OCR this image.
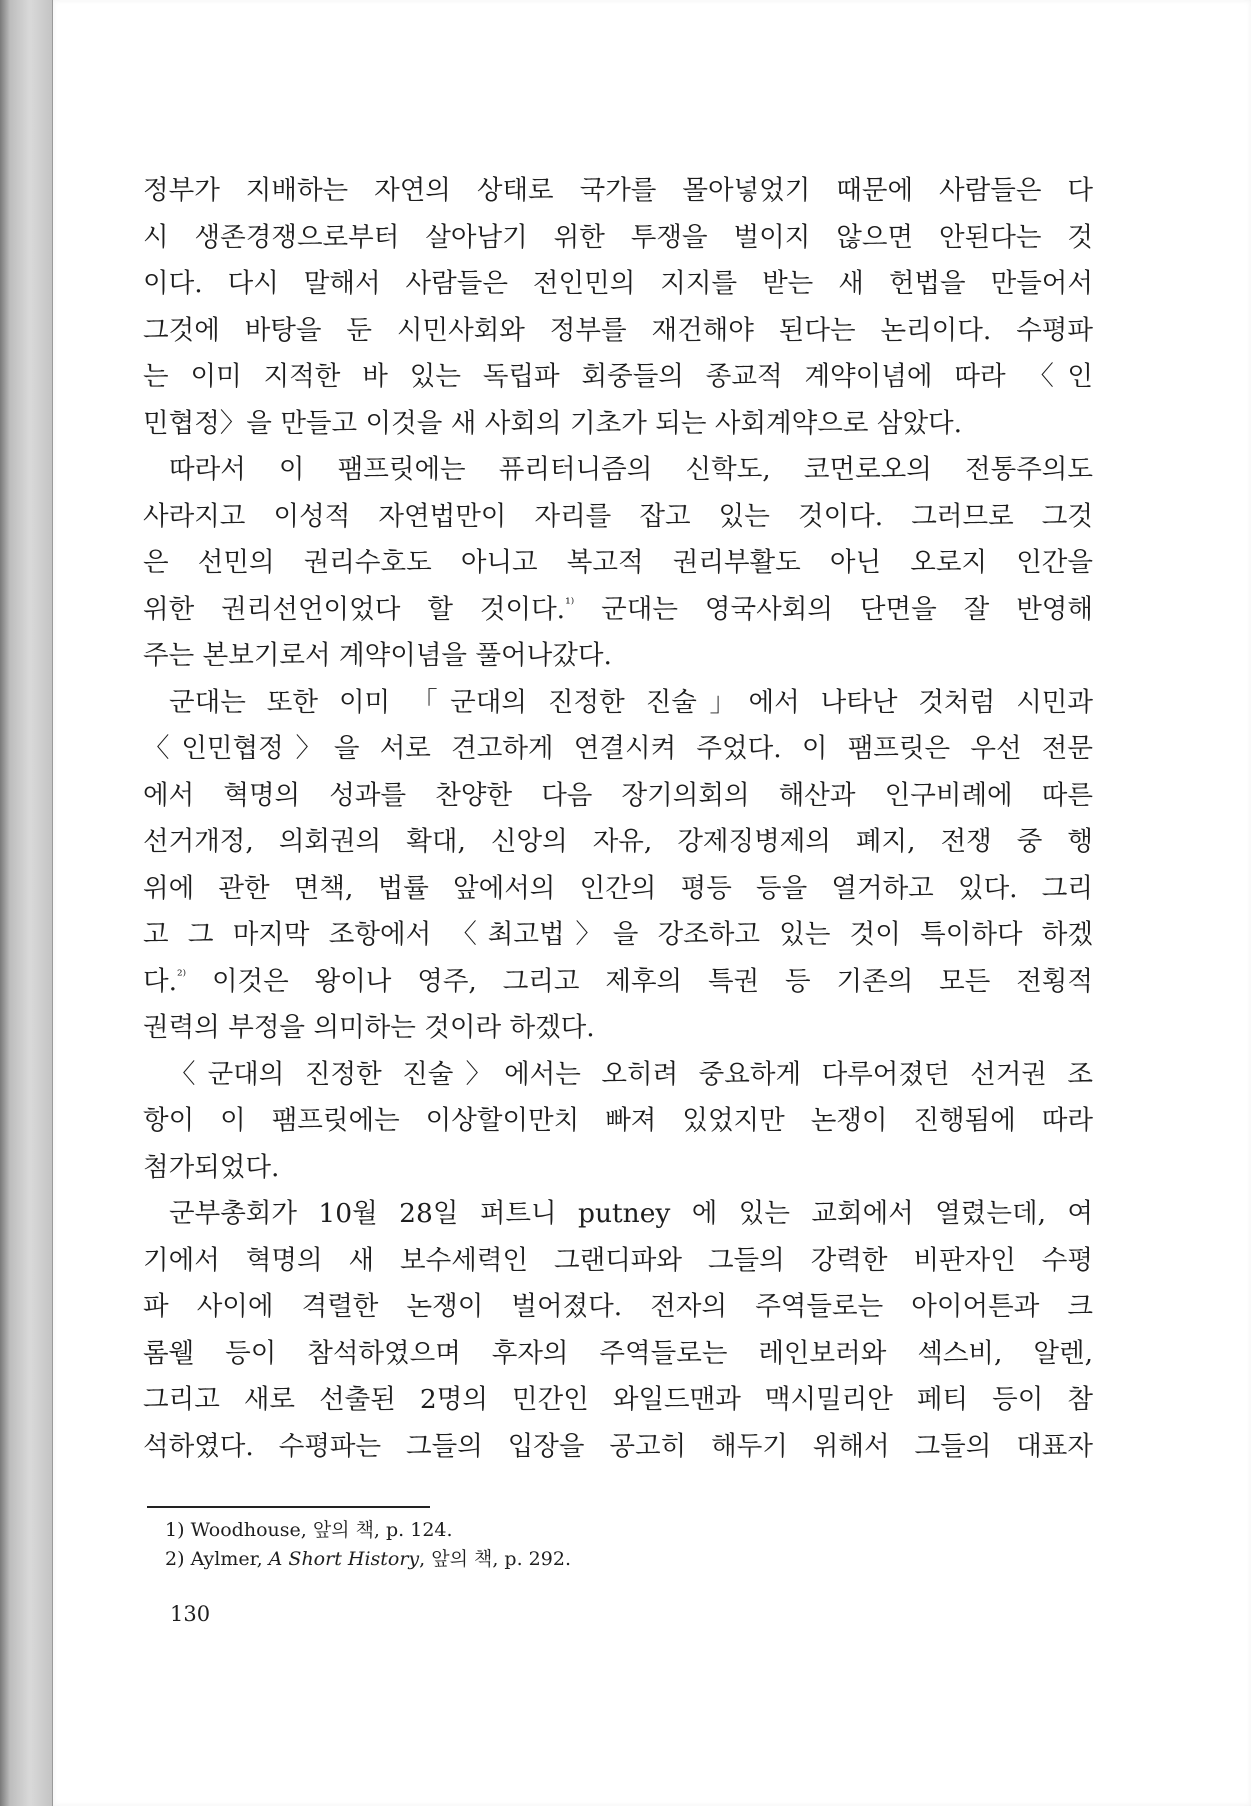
정부가 지배하는 자연의 상태로 국가를 몰아넣었기 때문에 사람들은 다

시 생존경쟁으로부터 살아남기 위한 투쟁을 벌이지 않으면 안된다는 것

이다. 다시 말해서 사람들은 전인민의 지지를 받는 새 헌법을 만들어서

그것에 바탕을 둔 시민사회와 정부를 재건해야 된다는 논리이다. 수평파

는 이미 지적한 바 있는 독립파 회중들의 종교적 계약이념에 따라 〈인

민협정〉을 만들고 이것을 새 사회의 기초가 되는 사회계약으로 삼았다.

따라서 이 팸프릿에는 퓨리터니즘의 신학도, 코먼로오의 전통주의도

사라지고 이성적 자연법만이 자리를 잡고 있는 것이다. 그러므로 그것

은 선민의 권리수호도 아니고 복고적 권리부활도 아닌 오로지 인간을

위한 권리선언이었다 할 것이다.$^{^{1)}}$ 군대는 영국사회의 단면을 잘 반영해

주는 본보기로서 계약이념을 풀어나갔다.

군대는 또한 이미 「군대의 진정한 진술」에서 나타난 것처럼 시민과

〈인민협정〉을 서로 견고하게 연결시켜 주었다. 이 팸프릿은 우선 전문

에서 혁명의 성과를 찬양한 다음 장기의회의 해산과 인구비례에 따른

선거개정, 의회권의 확대, 신앙의 자유, 강제징병제의 폐지, 전쟁 중 행

위에 관한 면책, 법률 앞에서의 인간의 평등 등을 열거하고 있다. 그리

고 그 마지막 조항에서 〈최고법〉을 강조하고 있는 것이 특이하다 하겠

다.$^{^{2)}}$ 이것은 왕이나 영주, 그리고 제후의 특권 등 기존의 모든 전횡적

권력의 부정을 의미하는 것이라 하겠다.

〈군대의 진정한 진술〉에서는 오히려 중요하게 다루어졌던 선거권 조

항이 이 팸프릿에는 이상할이만치 빠져 있었지만 논쟁이 진행됨에 따라

첨가되었다.

군부총회가 10월 28일 퍼트니 putney 에 있는 교회에서 열렸는데, 여

기에서 혁명의 새 보수세력인 그랜디파와 그들의 강력한 비판자인 수평

파 사이에 격렬한 논쟁이 벌어졌다. 전자의 주역들로는 아이어튼과 크

롬웰 등이 참석하였으며 후자의 주역들로는 레인보러와 섹스비, 알렌,

그리고 새로 선출된 2명의 민간인 와일드맨과 맥시밀리안 페티 등이 참

석하였다. 수평파는 그들의 입장을 공고히 해두기 위해서 그들의 대표자

1) Woodhouse, 앞의 책, p. 124.
2) Aylmer, A Short History, 앞의 책, p. 292.
130
